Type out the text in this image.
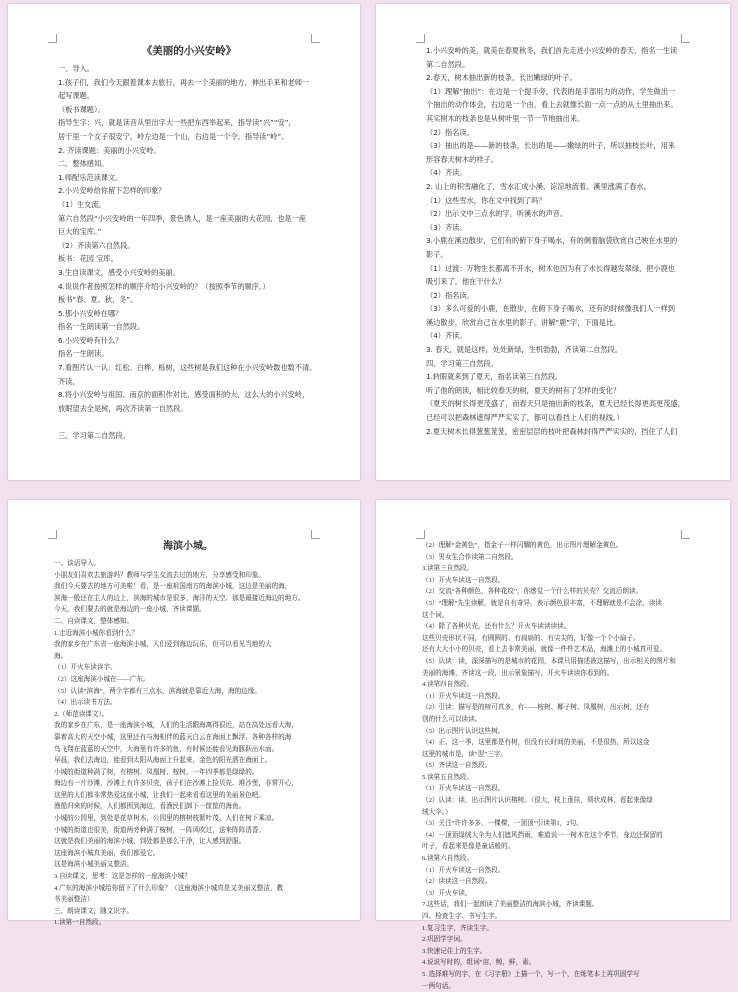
《美丽的小兴安岭》
一、导入。
1.孩子们，我们今天跟着课本去旅行，再去一个美丽的地方，伸出手来和老师一
起写课题。
（板书课题）。
指导生字：兴，就是读音从里出字大一些把东西举起来，指导读“兴”“安”，
居于里一个女子很安宁，岭左边是一个山，右边是一个令。指导读“岭”。
2. 齐读课题：美丽的小兴安岭。
二、整体感知。
1.师配乐范读课文。
2.小兴安岭给你留下怎样的印象？
（1）生交流。
第六自然段“小兴安岭的一年四季，景色诱人，是一座美丽的大花园，也是一座
巨大的宝库。”
（2）齐读第六自然段。
板书：花园 宝库。
3.生自读课文，感受小兴安岭的美丽。
4.说说作者按照怎样的顺序介绍小兴安岭的？（按照季节的顺序。）
板书“春、夏、秋、冬”。
5.那小兴安岭在哪？
指名一生朗读第一自然段。
6.小兴安岭有什么？
指名一生朗读。
7.看图片认一认：红松、白桦、栎树，这些树是我们这种在小兴安岭数也数不清。
齐读。
8.将小兴安岭与祖国、南京的面积作对比，感受面积的大，这么大的小兴安岭，
放眼望去全是树，再次齐读第一自然段。

三、学习第二自然段。
1.小兴安岭的美，就美在春夏秋冬，我们首先走进小兴安岭的春天，指名一生读
第二自然段。
2.春天，树木抽出新的枝条，长出嫩绿的叶子。
（1）理解“抽出”：在边是一个提手旁，代表的是手部用力的动作，学生做出一
个抽出的动作体会，右边是一个由，看上去就像长面一点一点的从土里抽出来。
其实树木的枝条也是从树叶里一节一节地抽出来。
（2）指名读。
（3）抽出的是——新的枝条，长出的是——嫩绿的叶子，所以抽枝长叶，用来
形容春天树木的样子。
（4）齐读。
2. 山上的积雪融化了，雪水汇成小溪，淙淙地流着。溪里涨满了春水。
（1）这些雪水，你在文中找到了吗？
（2）出示文中三点水的字，听溪水的声音。
（3）齐读。
3.小鹿在溪边散步，它们有的俯下身子喝水，有的侧着脑袋欣赏自己映在水里的
影子。
（1）过渡：万物生长都离不开水，树木也因为有了水长得越发翠绿，把小鹿也
吸引来了，他在干什么？
（2）指名读。
（3）多么可爱的小鹿，在散步，在俯下身子喝水，还有的时候像我们人一样到
溪边散步，欣赏自己在水里的影子。讲解“鹿”字，下面是比。
（4）齐读。
3. 春天，就是这样，处处新绿，生机勃勃，齐读第二自然段。
四、学习第三自然段。
1.转眼就来到了夏天，指名读第三自然段。
听了他的朗读，相比较春天的树，夏天的树有了怎样的变化？
（夏天的树长得更茂盛了，而春天只是抽出新的枝条，夏天已经长得更高更茂盛，
已经可以把森林遮得严严实实了，都可以看挡上人们的视线。）
2.夏天树木长得葱葱茏茏，密密层层的枝叶把森林封得严严实实的，挡住了人们
海滨小城。
一、谈话导入。
小朋友们喜欢去旅游吗？教师与学生交流去过的地方，分享感受和印象。
我们今天要去的地方可美啦！看，是一座祖国南方的海滨小城，这边是美丽的海，
滨海一般还在主人的边上，滨海的城市是很多，海洋的天空、那是最接近海边的地方。
今天，我们要去的就是海边的一座小城，齐读课题。
二、自读课文，整体感知。
1.走近海滨小城你看到什么？
我的家乡在广东省一座海滨小城，人们爱到海边玩乐，但可以看见当地的大
海。
（1）开火车读读字。
（2）这座海滨小城在——广东。
（3）认读“滨海”，两个字都有三点水，滨海就是靠近大海，海的边缘。
（4）出示读书方法。
2.（师范读课文）。
我的家乡在广东，是一座海滨小城，人们的生活跟海离得很近，站在高处远看大海，
靠着高大的天空小城，这里还有与海相伴的蓝天白云在海面上飘浮，各种各样的海
鸟飞翔在蓝蓝的天空中，大海里有许多的鱼，有时候还能看见海豚跃出水面。
早晨，我们去海边，能看到太阳从海面上升起来，金色的阳光洒在海面上。
小城的街道种满了树，有榕树、凤凰树、桉树，一年四季都是绿绿的。
海边有一片沙滩，沙滩上有许多贝壳，孩子们在沙滩上捡贝壳、堆沙堡，非常开心，
这里的人们都非常热爱这座小城，让我们一起来看看这里的美丽景色吧。
渔船归来的时候，人们都围到海边，看渔民们卸下一筐筐的海鱼。
小城的公园里，到处是花草树木，公园里的榕树枝繁叶茂，人们在树下乘凉。
小城的街道也很美，街道两旁种满了桉树，一阵风吹过，送来阵阵清香。
这就是我们美丽的海滨小城，到处都是那么干净，让人感到舒服。
这座海滨小城真美丽，我们都爱它。
这是海滨小城美丽又整洁。
3.自读课文，思考：这是怎样的一座海滨小城？
4.广东的海滨小城给你留下了什么印象？（这座海滨小城真是又美丽又整洁，教
书美丽整洁）
三、朗读课文，随文识字。
1.读第一自然段。
（2）理解“金黄色”，指金子一样闪耀的黄色，出示图片理解金黄色。
（3）男女生合作读第二自然段。
3.读第三自然段。
（1）开火车读这一自然段。
（2）交流“各种颜色，各种花纹”，你感觉一个什么样的贝壳？交流后朗读。
（3）“理解”先生读解，就是自有奇异，表示颜色很丰富，不理解就是不会涂，读读
这个词。
（4）除了各种贝壳，还有什么？开火车读读读读。
这些贝壳形状不同，有圆圆的、有扁扁的、有尖尖的，好像一个个小扇子。
还有大大小小的贝壳，看上去非常美丽，就像一件件艺术品，海滩上的小城真可爱。
（5）认读：读，深深描写的是城市的花园，本课只用描述被这描写，出示相关的图片和
美丽的海滩，齐读这一段，出示景象描写，开火车读读你看到的。
4.读第四自然段。
（1）开火车读这一自然段。
（2）引读：描写是的树可真多，有——桉树、椰子树、凤凰树，出示树，还有
别的什么可以读读。
（3）出示图片认识这些树。
（4）正、这一季，这里都是有树，但没有长时间的美丽，不是很热，所以这金
这里的城市是，读“翌”三字。
（5）齐读这一自然段。
5.读第五自然段。
（1）开火车读这一自然段。
（2）认读：读，出示图片认识榕树。（很大，枝上垂挂，须状成林，看起来像绿
绒大伞。）
（3）关注“许许多多，一棵棵，一顶顶”引读第1，2句。
（4）一顶顶绿绒大伞为人们遮风挡雨，难道说一一树木在这个季节，身边还保留的
叶子，看起来是像是童话般的。
6.读第六自然段。
（1）开火车读这一自然段。
（2）读读这一自然段。
（3）开火车读。
7.这些话，我们一起朗读了美丽整洁的海滨小城，齐读课题。
四、检查生字、书写生字。
1.复习生字，齐读生字。
2.巩固学字词。
3.快速记住上的生字。
4.说说写时的，组词“亩，鲸，鲜，素。
5. 选择难写的字，在《习字册》上描一个，写一个，在练笔本上再巩固学写
一两句话。
